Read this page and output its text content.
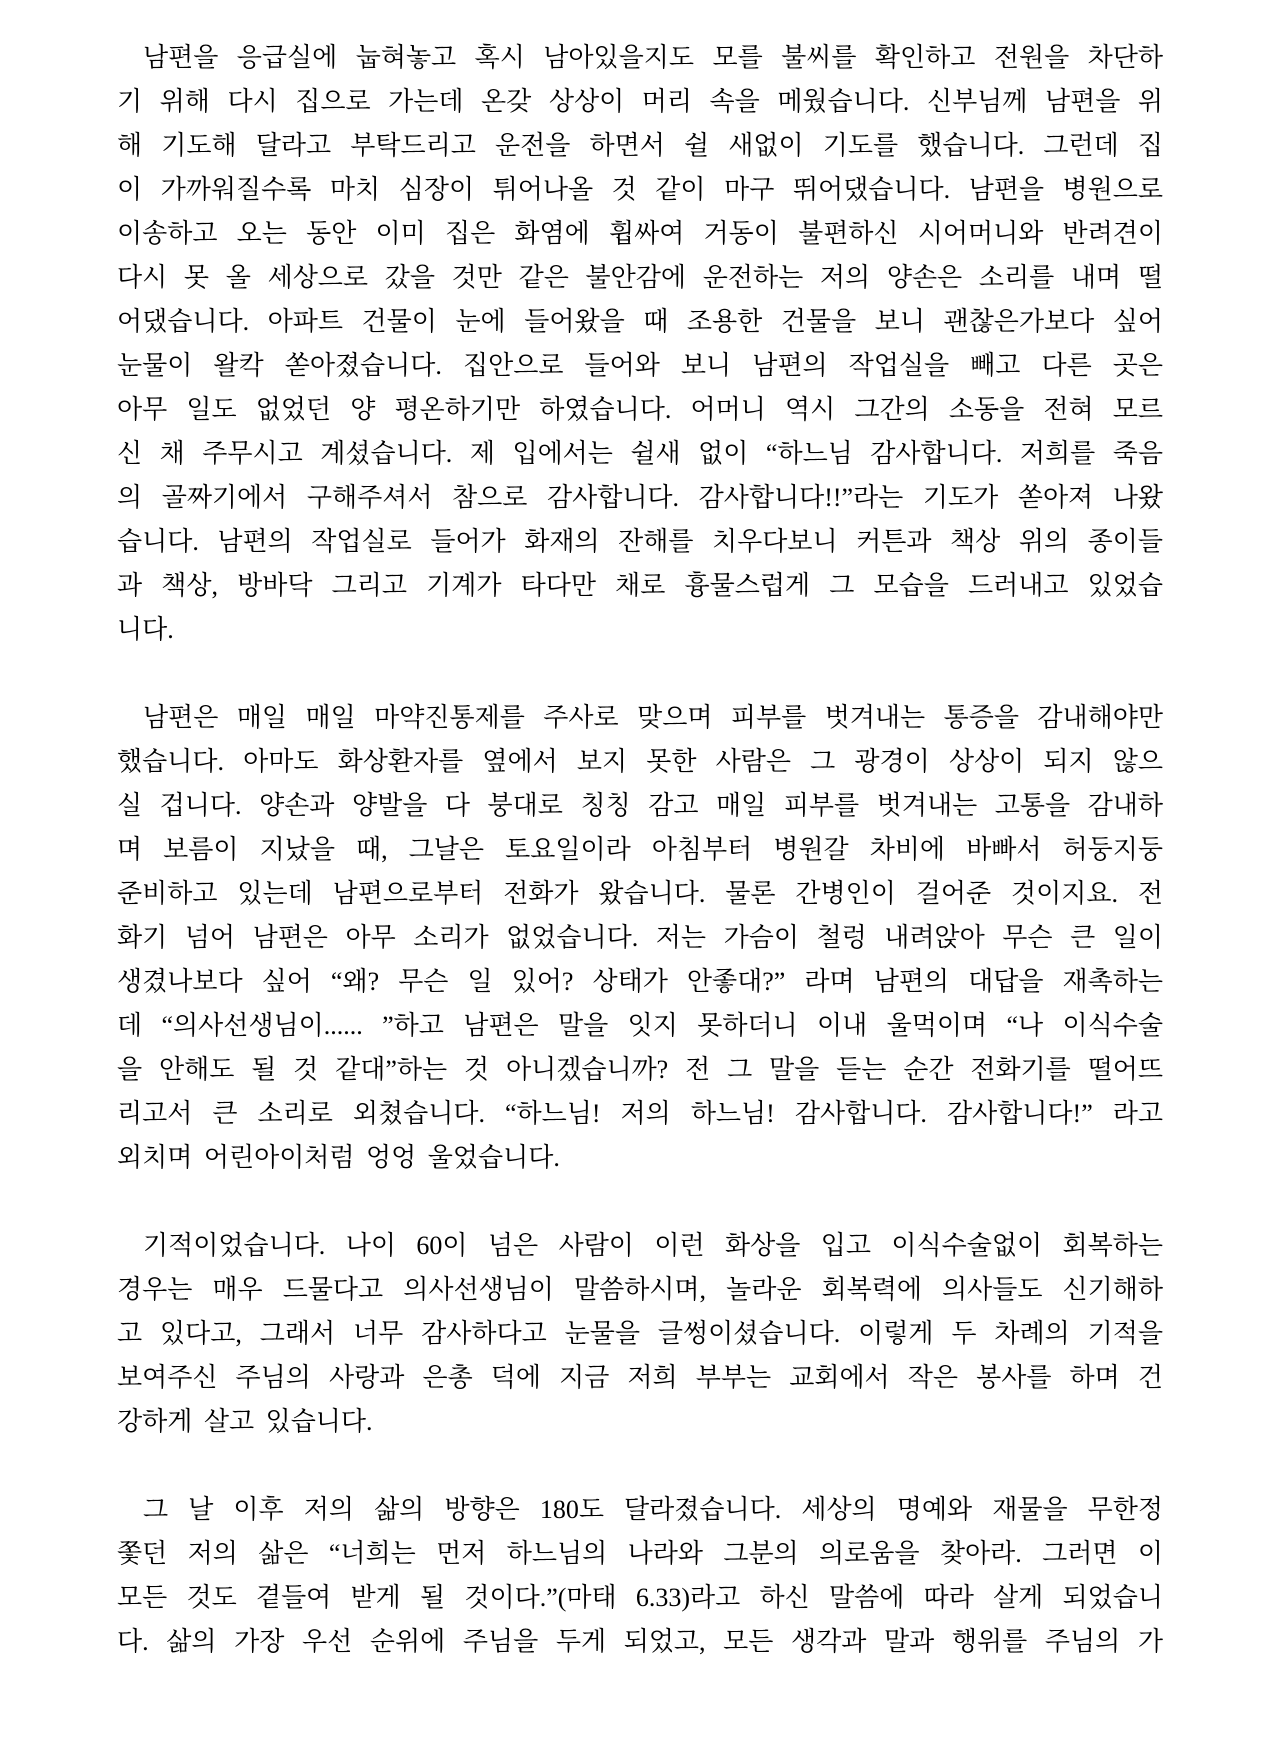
남편을 응급실에 눕혀놓고 혹시 남아있을지도 모를 불씨를 확인하고 전원을 차단하
기 위해 다시 집으로 가는데 온갖 상상이 머리 속을 메웠습니다. 신부님께 남편을 위
해 기도해 달라고 부탁드리고 운전을 하면서 쉴 새없이 기도를 했습니다. 그런데 집
이 가까워질수록 마치 심장이 튀어나올 것 같이 마구 뛰어댔습니다. 남편을 병원으로
이송하고 오는 동안 이미 집은 화염에 휩싸여 거동이 불편하신 시어머니와 반려견이
다시 못 올 세상으로 갔을 것만 같은 불안감에 운전하는 저의 양손은 소리를 내며 떨
어댔습니다. 아파트 건물이 눈에 들어왔을 때 조용한 건물을 보니 괜찮은가보다 싶어
눈물이 왈칵 쏟아졌습니다. 집안으로 들어와 보니 남편의 작업실을 빼고 다른 곳은
아무 일도 없었던 양 평온하기만 하였습니다. 어머니 역시 그간의 소동을 전혀 모르
신 채 주무시고 계셨습니다. 제 입에서는 쉴새 없이 “하느님 감사합니다. 저희를 죽음
의 골짜기에서 구해주셔서 참으로 감사합니다. 감사합니다!!”라는 기도가 쏟아져 나왔
습니다. 남편의 작업실로 들어가 화재의 잔해를 치우다보니 커튼과 책상 위의 종이들
과 책상, 방바닥 그리고 기계가 타다만 채로 흉물스럽게 그 모습을 드러내고 있었습
니다.
남편은 매일 매일 마약진통제를 주사로 맞으며 피부를 벗겨내는 통증을 감내해야만
했습니다. 아마도 화상환자를 옆에서 보지 못한 사람은 그 광경이 상상이 되지 않으
실 겁니다. 양손과 양발을 다 붕대로 칭칭 감고 매일 피부를 벗겨내는 고통을 감내하
며 보름이 지났을 때, 그날은 토요일이라 아침부터 병원갈 차비에 바빠서 허둥지둥
준비하고 있는데 남편으로부터 전화가 왔습니다. 물론 간병인이 걸어준 것이지요. 전
화기 넘어 남편은 아무 소리가 없었습니다. 저는 가슴이 철렁 내려앉아 무슨 큰 일이
생겼나보다 싶어 “왜? 무슨 일 있어? 상태가 안좋대?” 라며 남편의 대답을 재촉하는
데 “의사선생님이...... ”하고 남편은 말을 잇지 못하더니 이내 울먹이며 “나 이식수술
을 안해도 될 것 같대”하는 것 아니겠습니까? 전 그 말을 듣는 순간 전화기를 떨어뜨
리고서 큰 소리로 외쳤습니다. “하느님! 저의 하느님! 감사합니다. 감사합니다!” 라고
외치며 어린아이처럼 엉엉 울었습니다.
기적이었습니다. 나이 60이 넘은 사람이 이런 화상을 입고 이식수술없이 회복하는
경우는 매우 드물다고 의사선생님이 말씀하시며, 놀라운 회복력에 의사들도 신기해하
고 있다고, 그래서 너무 감사하다고 눈물을 글썽이셨습니다. 이렇게 두 차례의 기적을
보여주신 주님의 사랑과 은총 덕에 지금 저희 부부는 교회에서 작은 봉사를 하며 건
강하게 살고 있습니다.
그 날 이후 저의 삶의 방향은 180도 달라졌습니다. 세상의 명예와 재물을 무한정
쫓던 저의 삶은 “너희는 먼저 하느님의 나라와 그분의 의로움을 찾아라. 그러면 이
모든 것도 곁들여 받게 될 것이다.”(마태 6.33)라고 하신 말씀에 따라 살게 되었습니
다. 삶의 가장 우선 순위에 주님을 두게 되었고, 모든 생각과 말과 행위를 주님의 가
